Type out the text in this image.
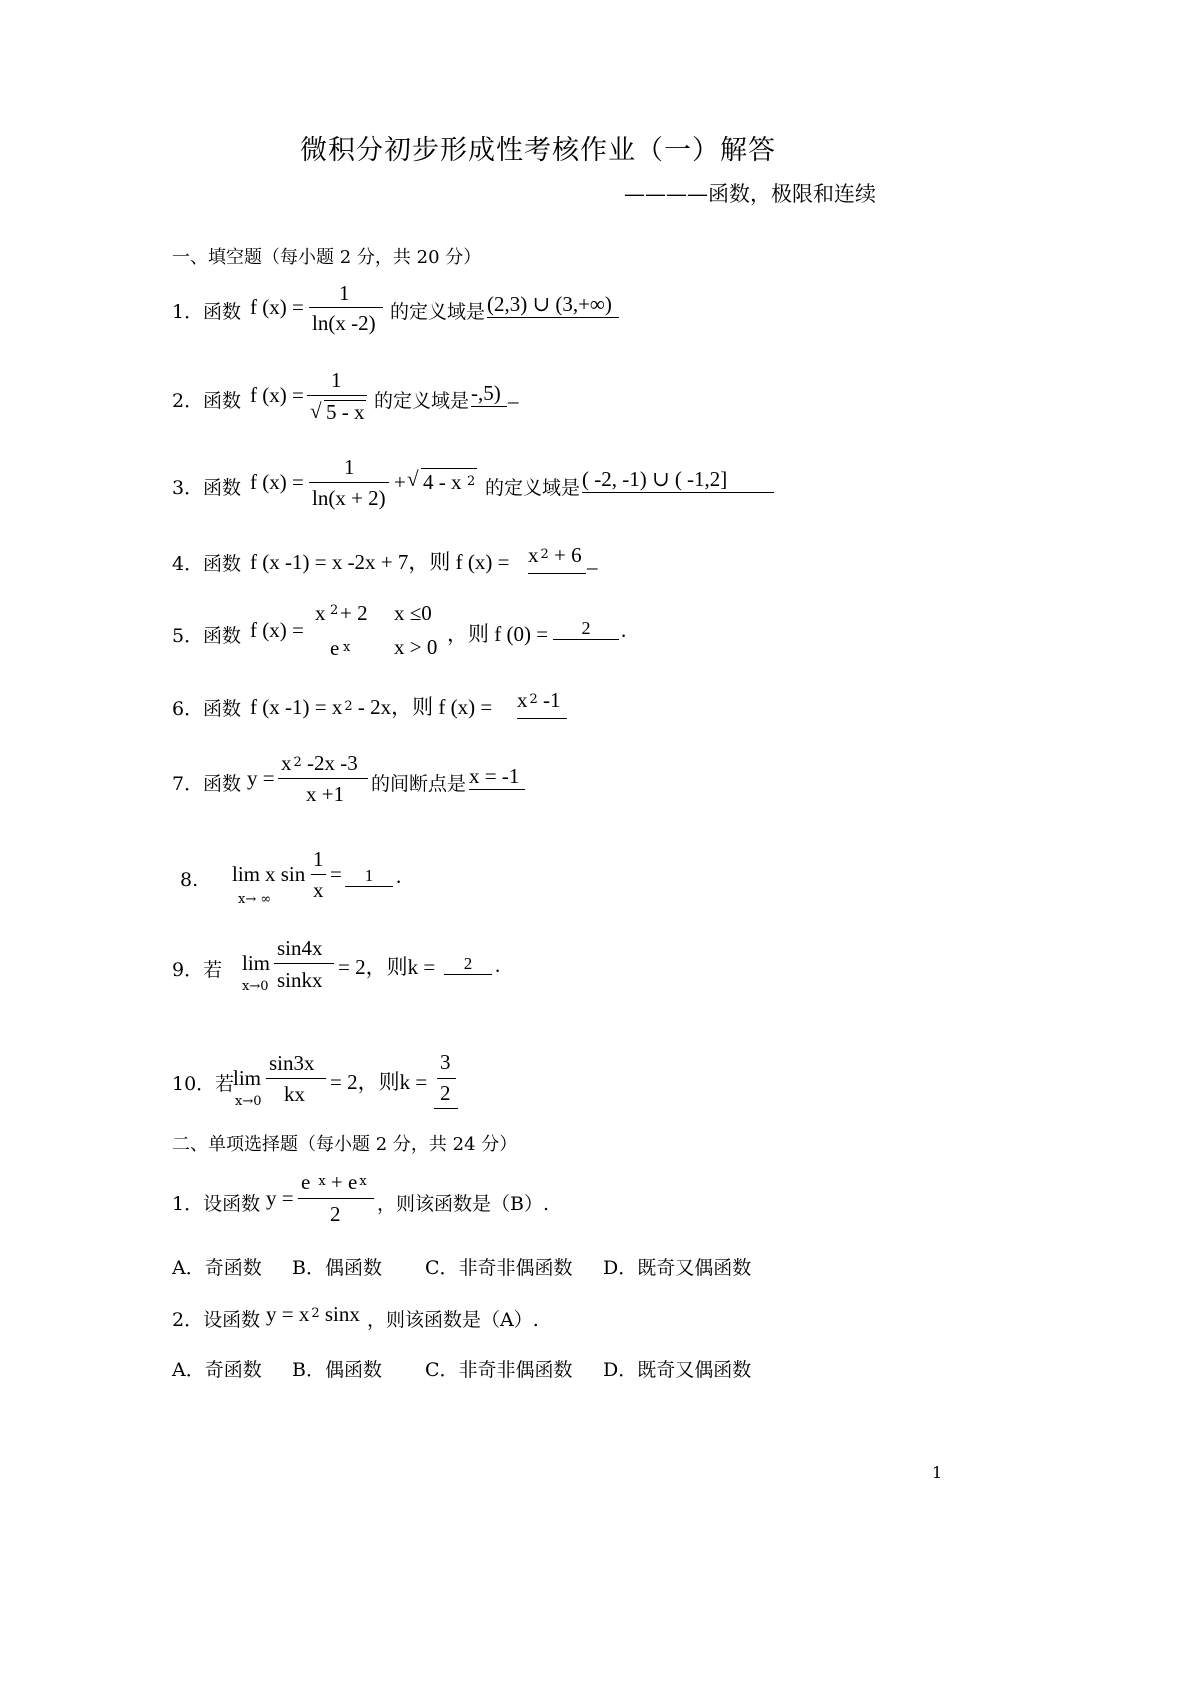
微积分初步形成性考核作业（一）解答
————函数，极限和连续
一、填空题（每小题 2 分，共 20 分）
1． 函数 f (x) =
1
ln(x -2) 的定义域是 (2,3) ∪ (3,+∞)
2． 函数 f (x) =
1
√ 5 - x 的定义域是 -,5) _
3． 函数 f (x) =
1
ln(x + 2)
+ √ 4 - x 2 的定义域是 ( -2, -1) ∪ ( -1,2]
4． 函数 f (x -1) = x -2x + 7，则 f (x) = x $^2$ + 6 _
5． 函数 f (x) =
x 2 + 2 x ≤0
e x x > 0
，则 f (0) =	2	.
6． 函数 f (x -1) = x $^2$ - 2x，则 f (x) = x $^2$ -1
7． 函数 y =
x $^2$ -2x -3
x +1 的间断点是 x = -1
8. lim
x→ ∞
x sin
1
x
=	1	.
9．若 lim
x→0
sin4x
sinkx
= 2，则k =	2	.
10．若
lim
x→0
sin3x
kx = 2，则k =
3
2
二、单项选择题（每小题 2 分，共 24 分）
1．设函数 y =
e $^x$ + e $^x$
2 ，则该函数是（B）.
A．奇函数 B．偶函数 C．非奇非偶函数 D．既奇又偶函数
2．设函数 y = x $^2$ sinx ，则该函数是（A）.
A．奇函数 B．偶函数 C．非奇非偶函数 D．既奇又偶函数
1
